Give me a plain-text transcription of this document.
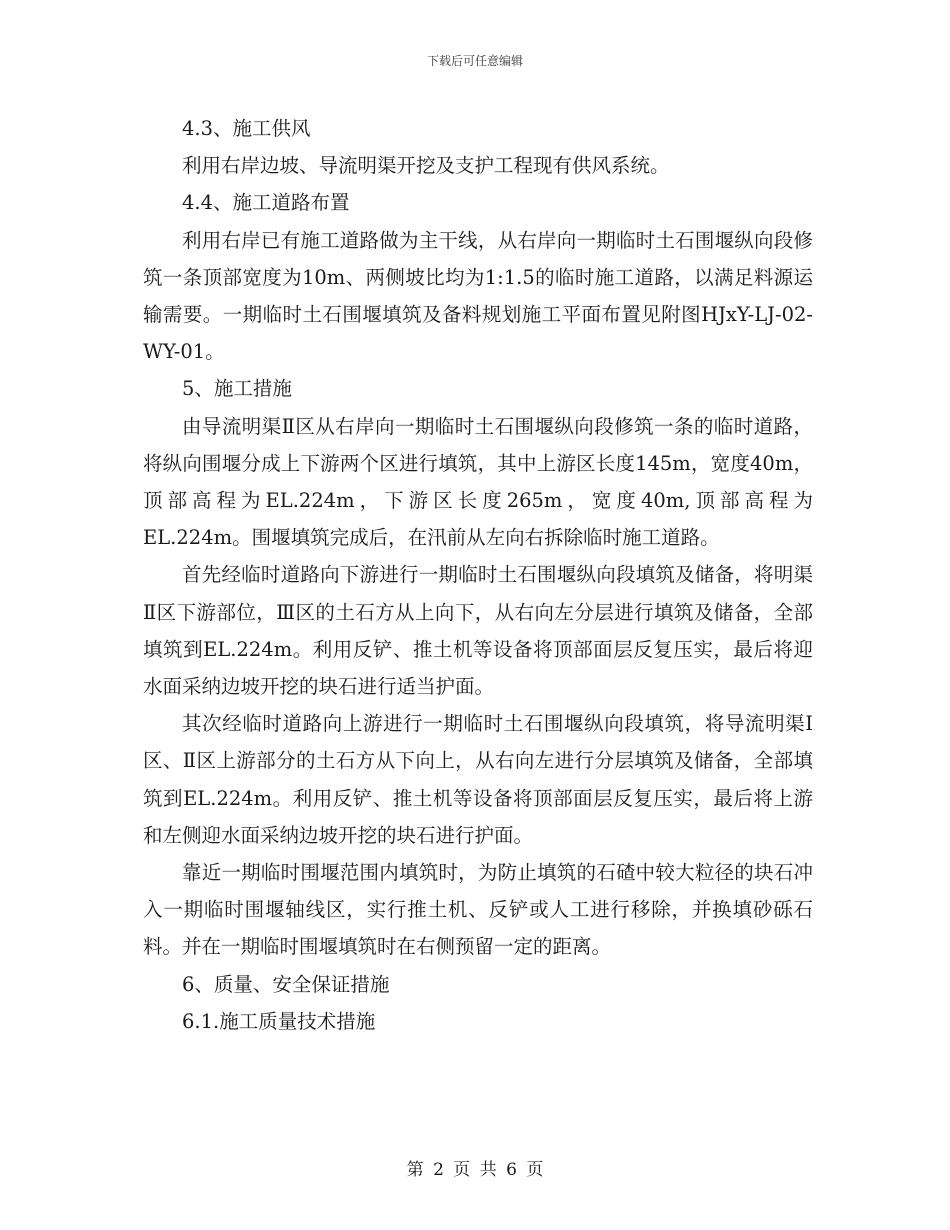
下载后可任意编辑

4.3、施工供风

利用右岸边坡、导流明渠开挖及支护工程现有供风系统。

4.4、施工道路布置

利用右岸已有施工道路做为主干线，从右岸向一期临时土石围堰纵向段修筑一条顶部宽度为10m、两侧坡比均为1:1.5的临时施工道路，以满足料源运输需要。一期临时土石围堰填筑及备料规划施工平面布置见附图HJxY-LJ-02-WY-01。

5、施工措施

由导流明渠Ⅱ区从右岸向一期临时土石围堰纵向段修筑一条的临时道路，将纵向围堰分成上下游两个区进行填筑，其中上游区长度145m，宽度40m，顶部高程为EL.224m，下游区长度265m，宽度40m,顶部高程为EL.224m。围堰填筑完成后，在汛前从左向右拆除临时施工道路。

首先经临时道路向下游进行一期临时土石围堰纵向段填筑及储备，将明渠Ⅱ区下游部位，Ⅲ区的土石方从上向下，从右向左分层进行填筑及储备，全部填筑到EL.224m。利用反铲、推土机等设备将顶部面层反复压实，最后将迎水面采纳边坡开挖的块石进行适当护面。

其次经临时道路向上游进行一期临时土石围堰纵向段填筑，将导流明渠Ⅰ区、Ⅱ区上游部分的土石方从下向上，从右向左进行分层填筑及储备，全部填筑到EL.224m。利用反铲、推土机等设备将顶部面层反复压实，最后将上游和左侧迎水面采纳边坡开挖的块石进行护面。

靠近一期临时围堰范围内填筑时，为防止填筑的石碴中较大粒径的块石冲入一期临时围堰轴线区，实行推土机、反铲或人工进行移除，并换填砂砾石料。并在一期临时围堰填筑时在右侧预留一定的距离。

6、质量、安全保证措施

6.1.施工质量技术措施

第 2 页 共 6 页
